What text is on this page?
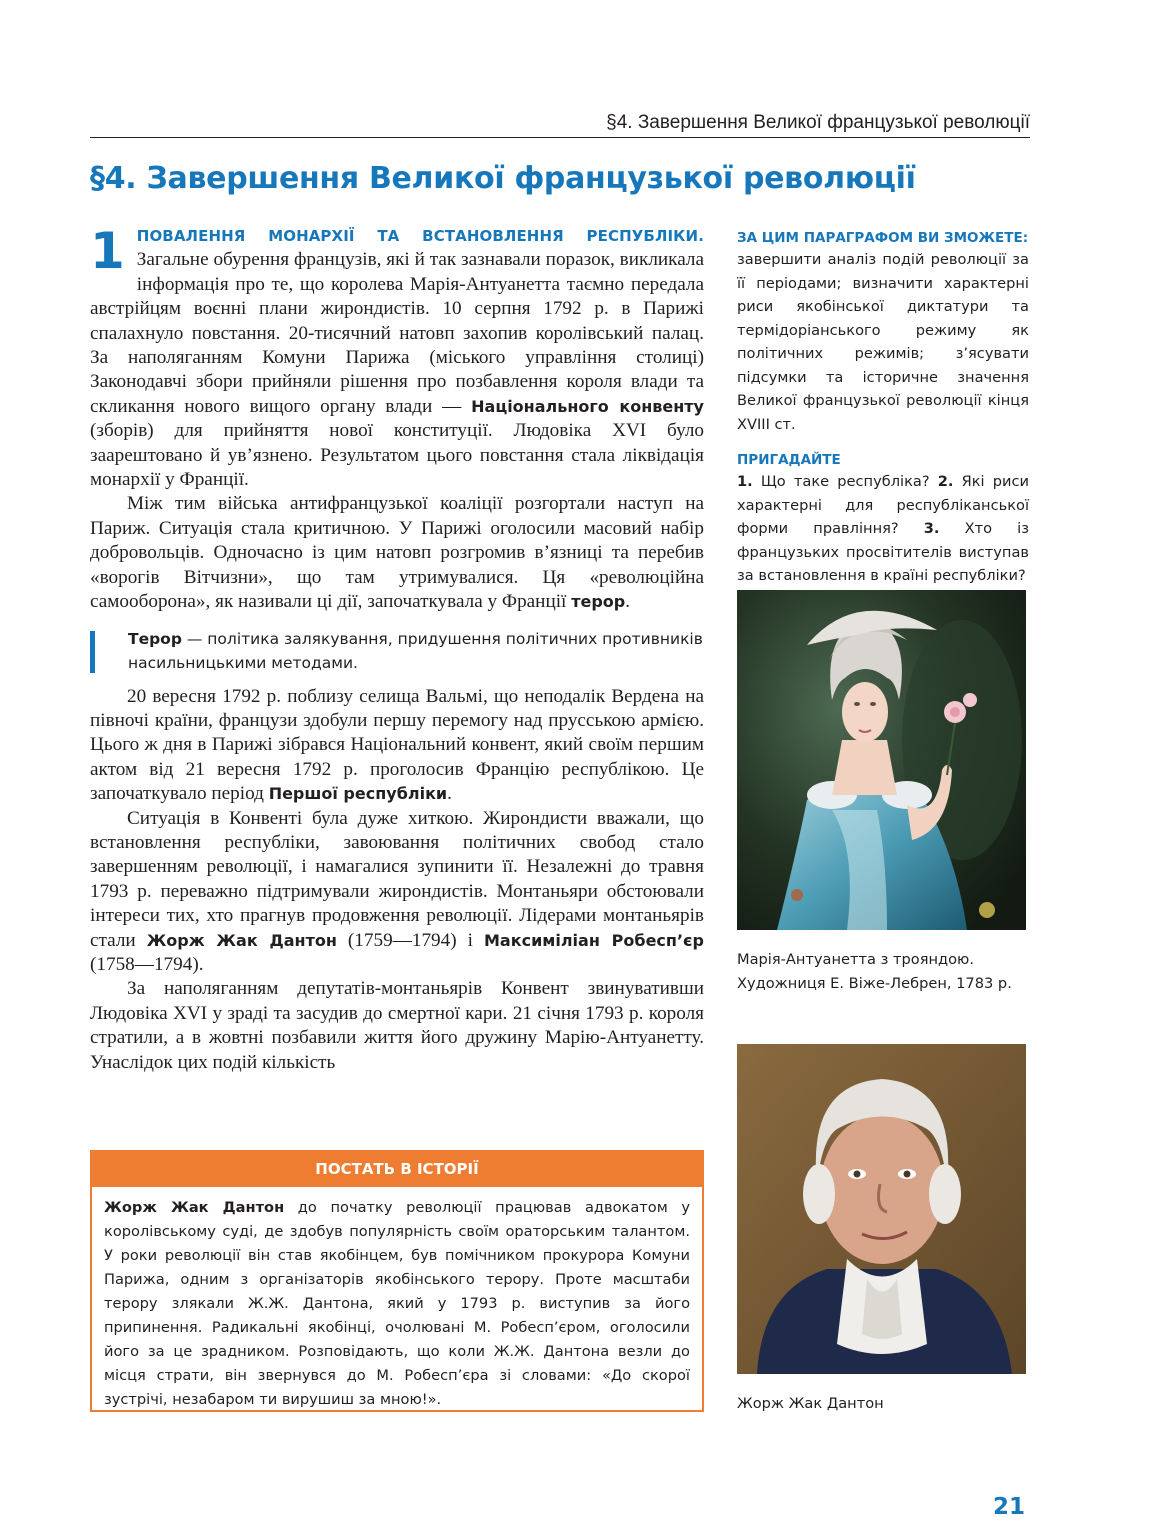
§4. Завершення Великої французької революції
§4. Завершення Великої французької революції

1 ПОВАЛЕННЯ МОНАРХІЇ ТА ВСТАНОВЛЕННЯ РЕСПУБЛІКИ. Загальне обурення французів, які й так зазнавали поразок, викликала інформація про те, що королева Марія-Антуанетта таємно передала австрійцям воєнні плани жирондистів. 10 серпня 1792 р. в Парижі спалахнуло повстання. 20-тисячний натовп захопив королівський палац. За наполяганням Комуни Парижа (міського управління столиці) Законодавчі збори прийняли рішення про позбавлення короля влади та скликання нового вищого органу влади — Національного конвенту (зборів) для прийняття нової конституції. Людовіка XVI було заарештовано й ув’язнено. Результатом цього повстання стала ліквідація монархії у Франції.

Між тим війська антифранцузької коаліції розгортали наступ на Париж. Ситуація стала критичною. У Парижі оголосили масовий набір добровольців. Одночасно із цим натовп розгромив в’язниці та перебив «ворогів Вітчизни», що там утримувалися. Ця «революційна самооборона», як називали ці дії, започаткувала у Франції терор.

Терор — політика залякування, придушення політичних противників насильницькими методами.

20 вересня 1792 р. поблизу селища Вальмі, що неподалік Вердена на півночі країни, французи здобули першу перемогу над прусською армією. Цього ж дня в Парижі зібрався Національний конвент, який своїм першим актом від 21 вересня 1792 р. проголосив Францію республікою. Це започаткувало період Першої республіки.

Ситуація в Конвенті була дуже хиткою. Жирондисти вважали, що встановлення республіки, завоювання політичних свобод стало завершенням революції, і намагалися зупинити її. Незалежні до травня 1793 р. переважно підтримували жирондистів. Монтаньяри обстоювали інтереси тих, хто прагнув продовження революції. Лідерами монтаньярів стали Жорж Жак Дантон (1759—1794) і Максиміліан Робесп’єр (1758—1794).

За наполяганням депутатів-монтаньярів Конвент звинувативши Людовіка XVI у зраді та засудив до смертної кари. 21 січня 1793 р. короля стратили, а в жовтні позбавили життя його дружину Марію-Антуанетту. Унаслідок цих подій кількість

ПОСТАТЬ В ІСТОРІЇ

Жорж Жак Дантон до початку революції працював адвокатом у королівському суді, де здобув популярність своїм ораторським талантом. У роки революції він став якобінцем, був помічником прокурора Комуни Парижа, одним з організаторів якобінського терору. Проте масштаби терору злякали Ж.Ж. Дантона, який у 1793 р. виступив за його припинення. Радикальні якобінці, очолювані М. Робесп’єром, оголосили його за це зрадником. Розповідають, що коли Ж.Ж. Дантона везли до місця страти, він звернувся до М. Робесп’єра зі словами: «До скорої зустрічі, незабаром ти вирушиш за мною!».

ЗА ЦИМ ПАРАГРАФОМ ВИ ЗМОЖЕТЕ:

завершити аналіз подій революції за її періодами; визначити характерні риси якобінської диктатури та термідоріанського режиму як політичних режимів; з’ясувати підсумки та історичне значення Великої французької революції кінця XVIII ст.

ПРИГАДАЙТЕ

1. Що таке республіка? 2. Які риси характерні для республіканської форми правління? 3. Хто із французьких просвітителів виступав за встановлення в країні республіки?

Марія-Антуанетта з трояндою.
Художниця Е. Віже-Лебрен, 1783 р.
Жорж Жак Дантон
21
